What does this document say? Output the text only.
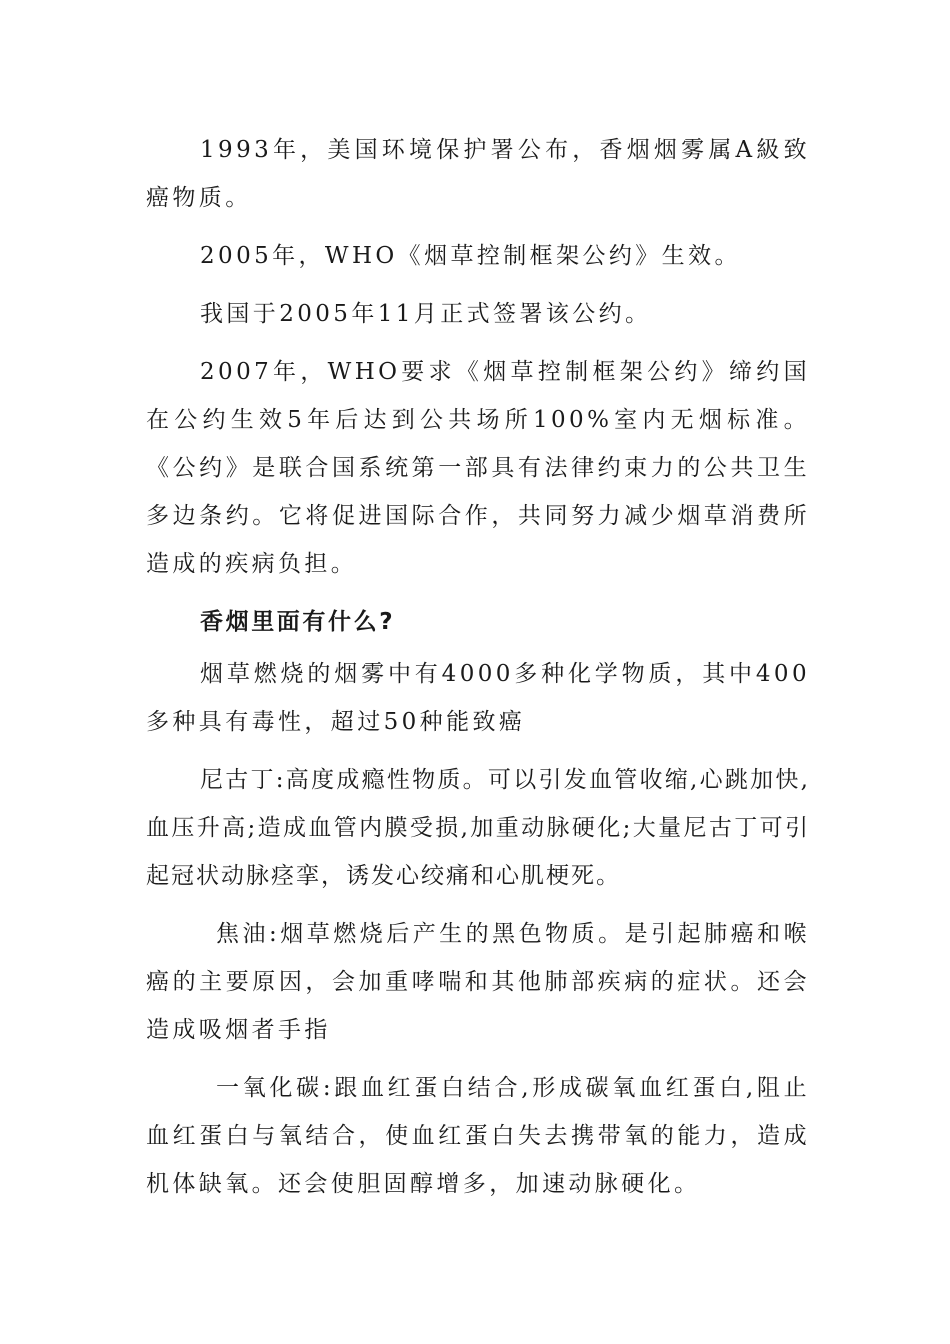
1993年，美国环境保护署公布，香烟烟雾属A級致癌物质。

2005年，WHO《烟草控制框架公约》生效。

我国于2005年11月正式签署该公约。

2007年，WHO要求《烟草控制框架公约》缔约国在公约生效5年后达到公共场所100%室内无烟标准。《公约》是联合国系统第一部具有法律约束力的公共卫生多边条约。它将促进国际合作，共同努力减少烟草消费所造成的疾病负担。

香烟里面有什么?

烟草燃烧的烟雾中有4000多种化学物质，其中400多种具有毒性，超过50种能致癌

尼古丁:高度成瘾性物质。可以引发血管收缩,心跳加快,血压升高;造成血管内膜受损,加重动脉硬化;大量尼古丁可引起冠状动脉痉挛，诱发心绞痛和心肌梗死。

焦油:烟草燃烧后产生的黑色物质。是引起肺癌和喉癌的主要原因，会加重哮喘和其他肺部疾病的症状。还会造成吸烟者手指

一氧化碳:跟血红蛋白结合,形成碳氧血红蛋白,阻止血红蛋白与氧结合，使血红蛋白失去携带氧的能力，造成机体缺氧。还会使胆固醇增多，加速动脉硬化。
